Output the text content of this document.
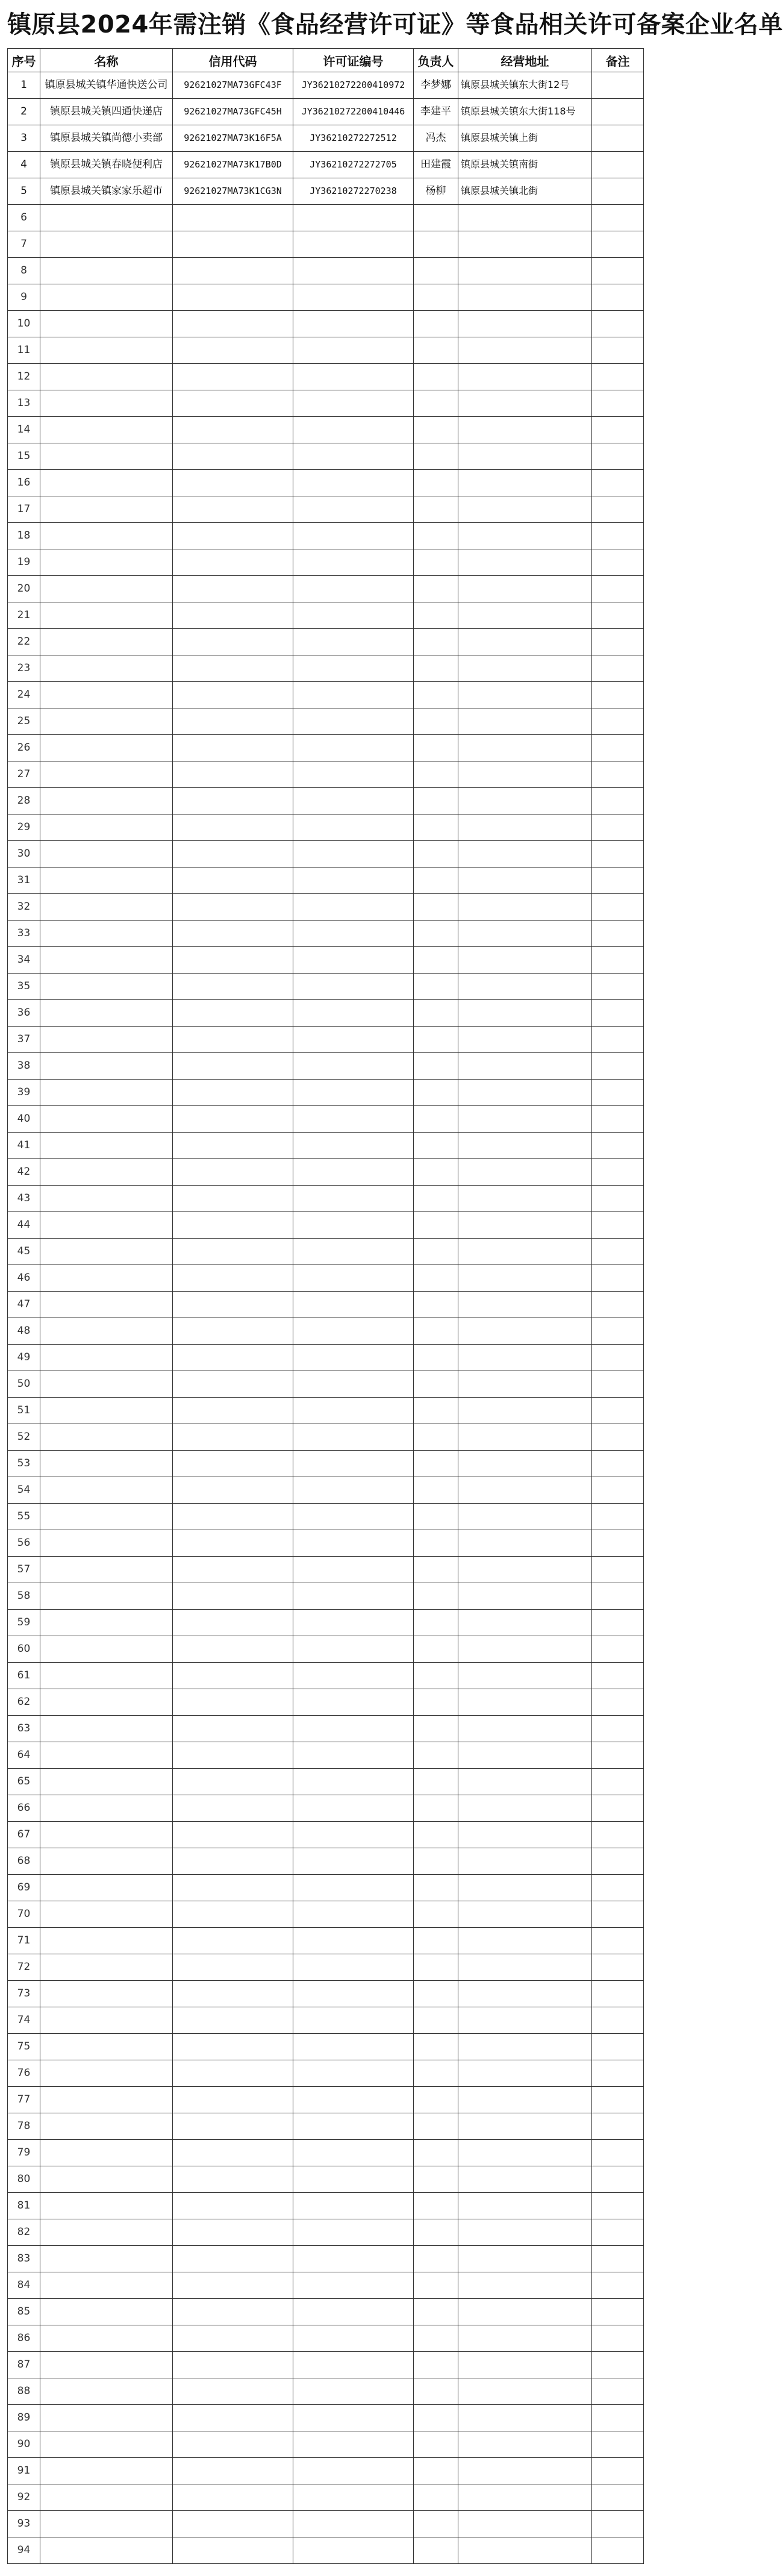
镇原县2024年需注销《食品经营许可证》等食品相关许可备案企业名单
序号	名称	信用代码	许可证编号	负责人	经营地址	备注
1	镇原县城关镇华通快送公司	92621027MA73GFC43F	JY36210272200410972	李梦娜	镇原县城关镇东大街12号	
2	镇原县城关镇四通快递店	92621027MA73GFC45H	JY36210272200410446	李建平	镇原县城关镇东大街118号	
3	镇原县城关镇尚德小卖部	92621027MA73K16F5A	JY36210272272512	冯杰	镇原县城关镇上街	
4	镇原县城关镇春晓便利店	92621027MA73K17B0D	JY36210272272705	田建霞	镇原县城关镇南街	
5	镇原县城关镇家家乐超市	92621027MA73K1CG3N	JY36210272270238	杨柳	镇原县城关镇北街	
6						
7						
8						
9						
10						
11						
12						
13						
14						
15						
16						
17						
18						
19						
20						
21						
22						
23						
24						
25						
26						
27						
28						
29						
30						
31						
32						
33						
34						
35						
36						
37						
38						
39						
40						
41						
42						
43						
44						
45						
46						
47						
48						
49						
50						
51						
52						
53						
54						
55						
56						
57						
58						
59						
60						
61						
62						
63						
64						
65						
66						
67						
68						
69						
70						
71						
72						
73						
74						
75						
76						
77						
78						
79						
80						
81						
82						
83						
84						
85						
86						
87						
88						
89						
90						
91						
92						
93						
94						
